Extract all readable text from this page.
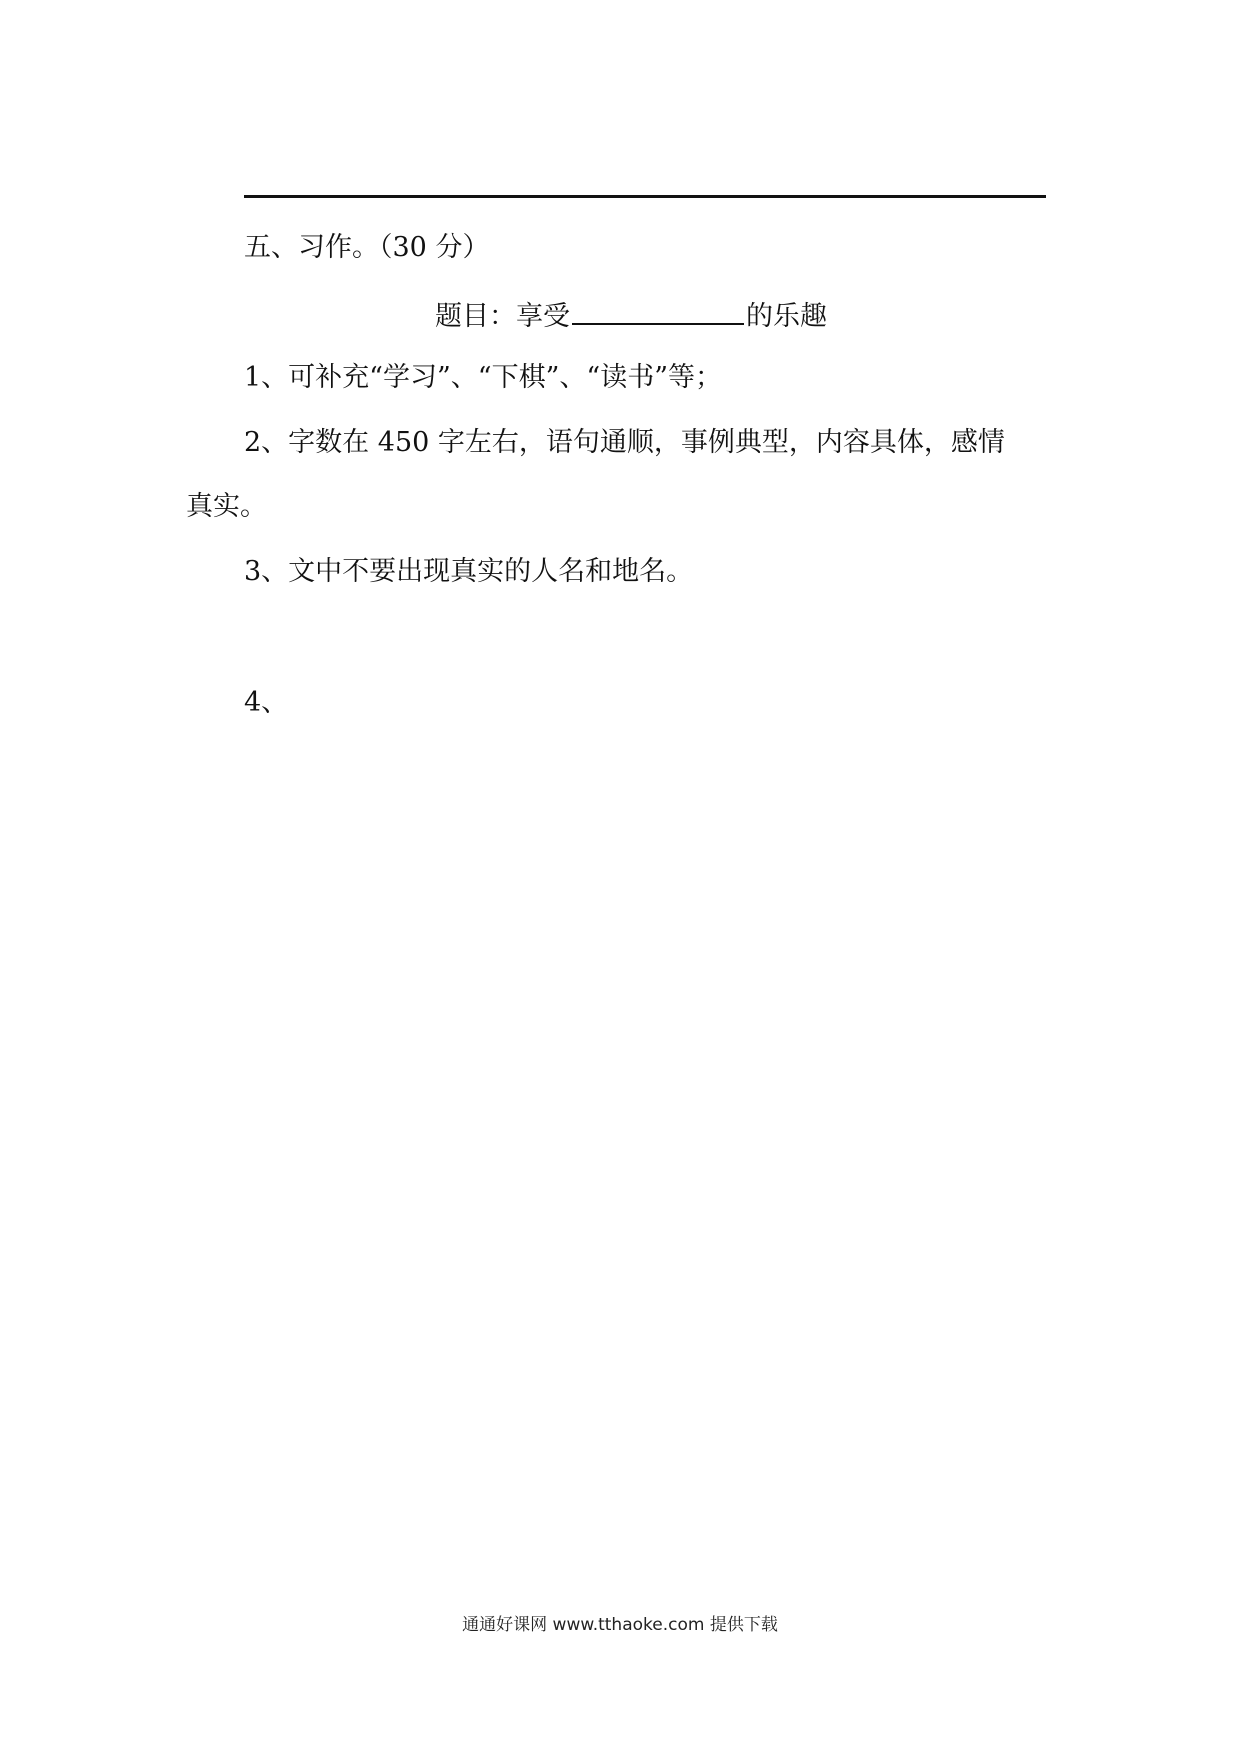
五、习作。（30 分）
题目：享受	的乐趣
1、可补充“学习”、“下棋”、“读书”等；
2、字数在 450 字左右，语句通顺，事例典型，内容具体，感情
真实。
3、文中不要出现真实的人名和地名。
4、
通通好课网 www.tthaoke.com 提供下载
